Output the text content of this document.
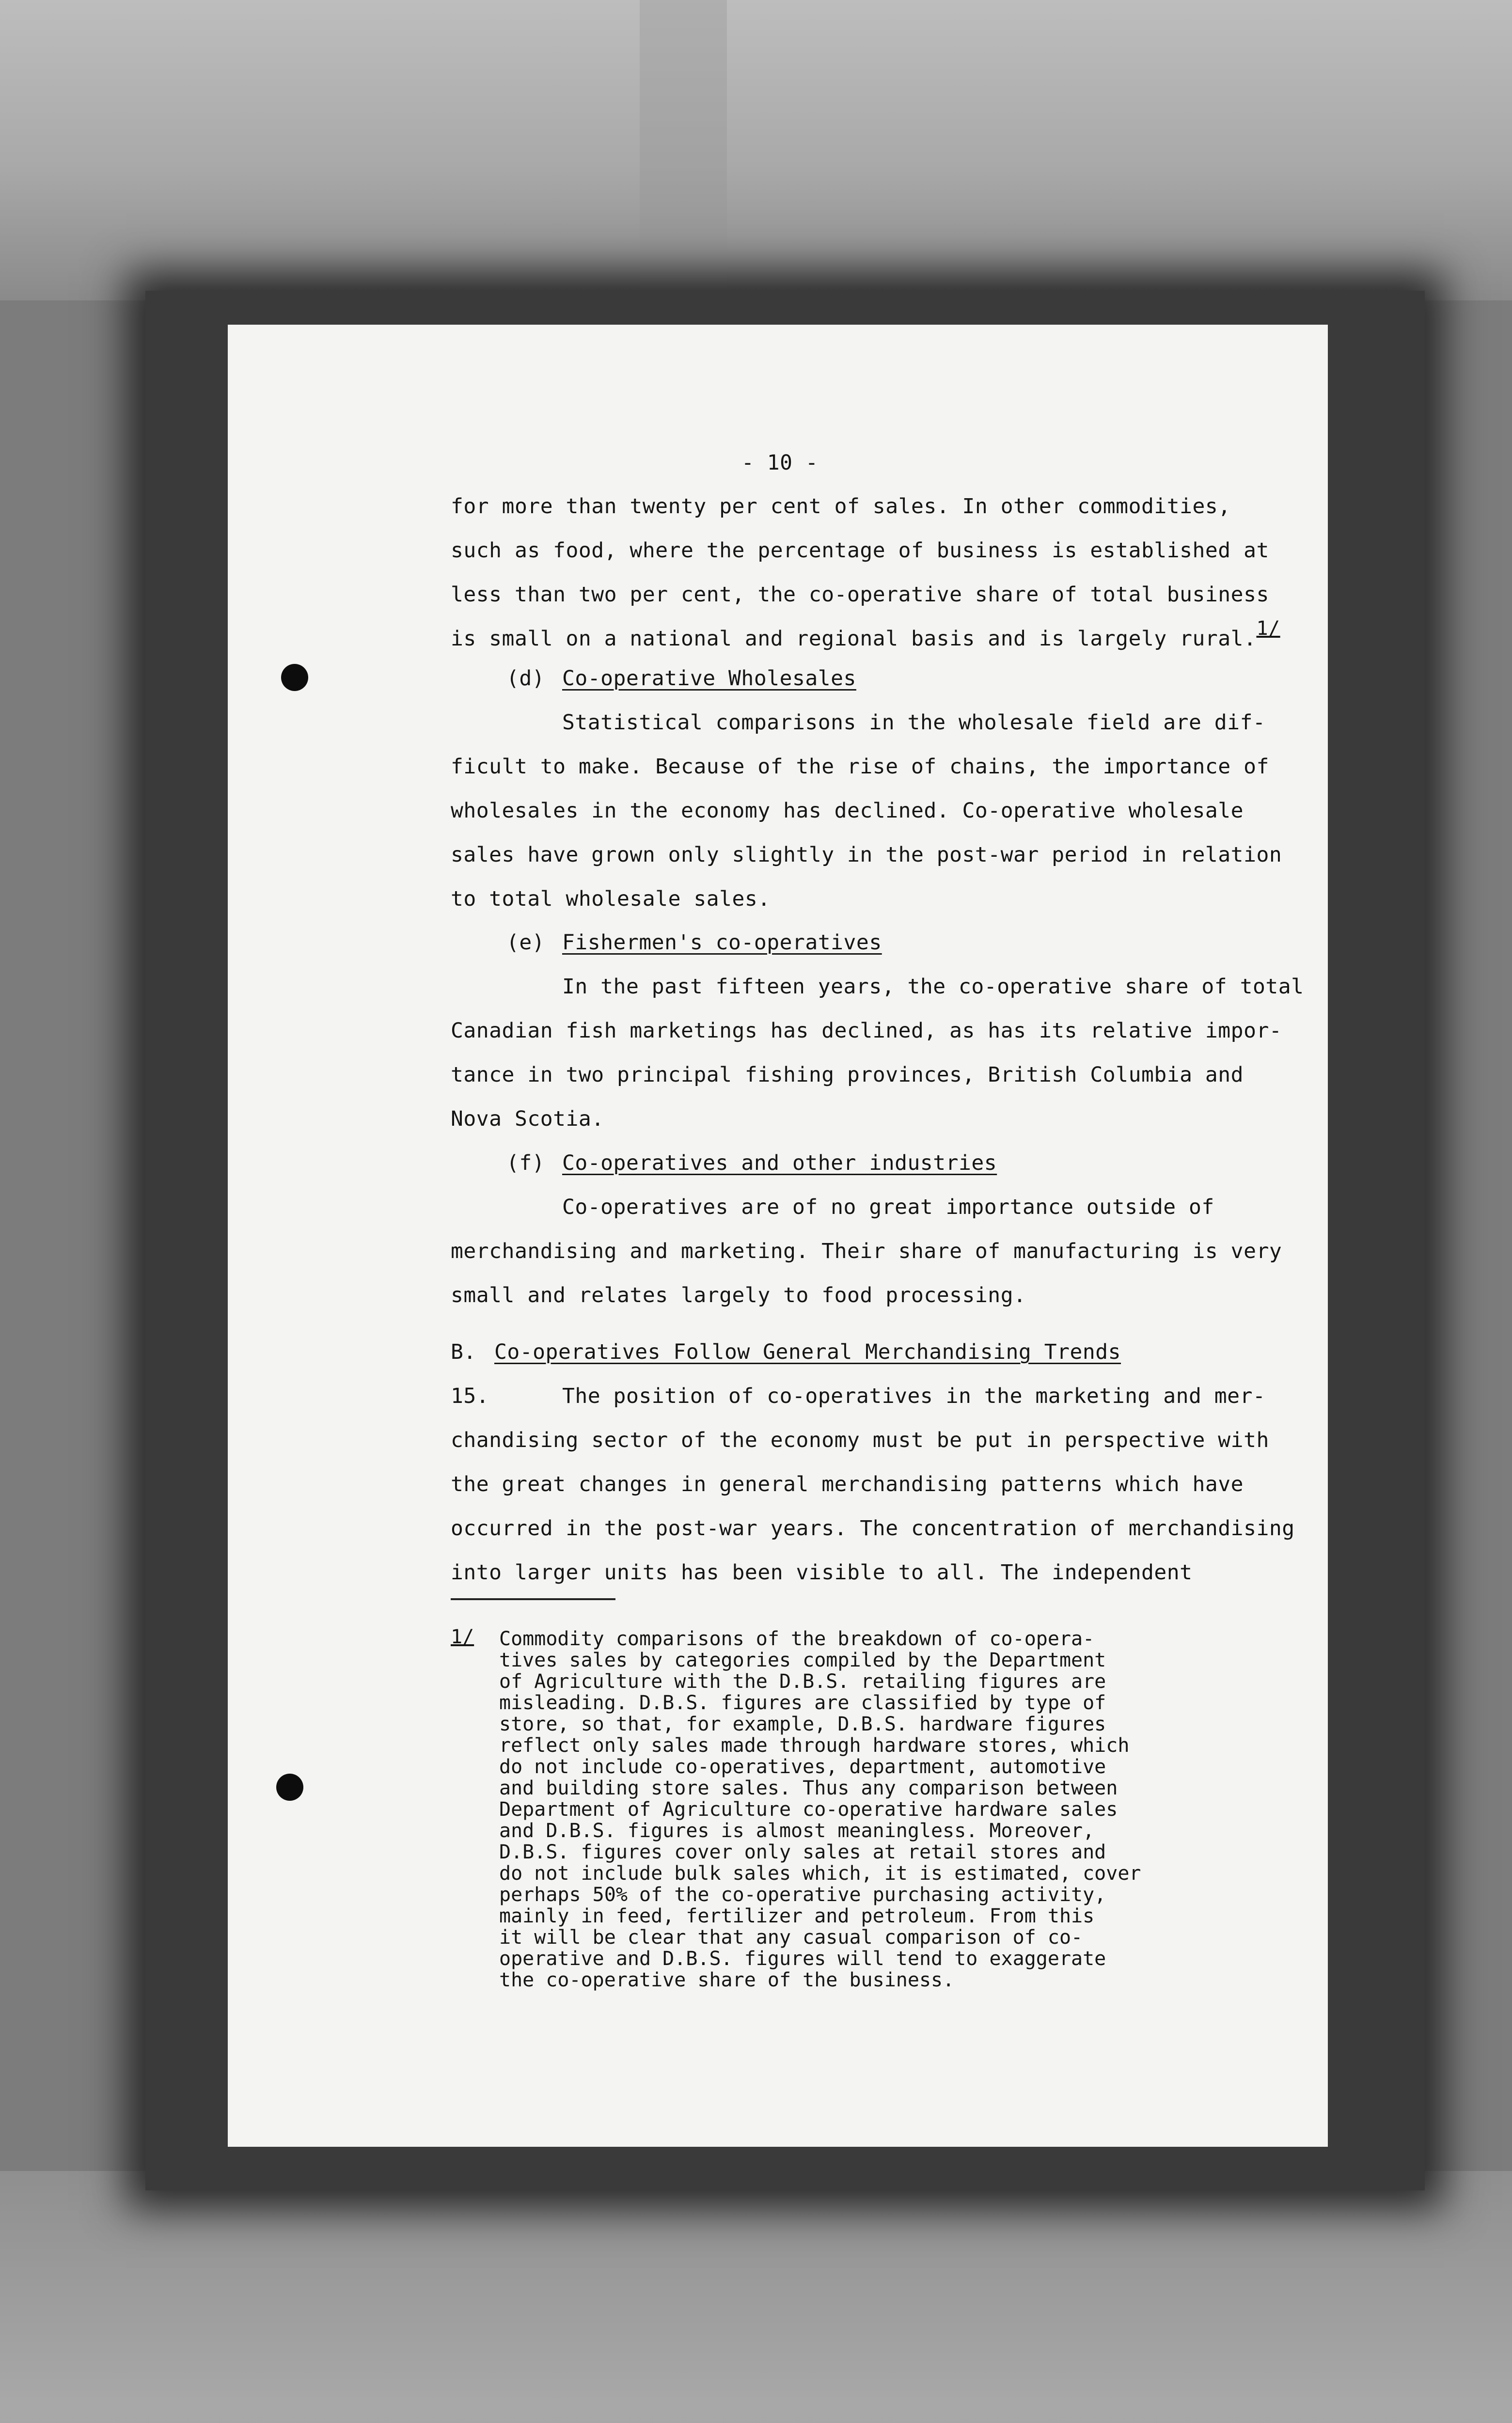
- 10 -
for more than twenty per cent of sales. In other commodities,
such as food, where the percentage of business is established at
less than two per cent, the co-operative share of total business
is small on a national and regional basis and is largely rural.1/
(d) Co-operative Wholesales
Statistical comparisons in the wholesale field are dif-
ficult to make. Because of the rise of chains, the importance of
wholesales in the economy has declined. Co-operative wholesale
sales have grown only slightly in the post-war period in relation
to total wholesale sales.
(e) Fishermen's co-operatives
In the past fifteen years, the co-operative share of total
Canadian fish marketings has declined, as has its relative impor-
tance in two principal fishing provinces, British Columbia and
Nova Scotia.
(f) Co-operatives and other industries
Co-operatives are of no great importance outside of
merchandising and marketing. Their share of manufacturing is very
small and relates largely to food processing.
B. Co-operatives Follow General Merchandising Trends
15.	The position of co-operatives in the marketing and mer-
chandising sector of the economy must be put in perspective with
the great changes in general merchandising patterns which have
occurred in the post-war years. The concentration of merchandising
into larger units has been visible to all. The independent
1/ Commodity comparisons of the breakdown of co-opera-
tives sales by categories compiled by the Department
of Agriculture with the D.B.S. retailing figures are
misleading. D.B.S. figures are classified by type of
store, so that, for example, D.B.S. hardware figures
reflect only sales made through hardware stores, which
do not include co-operatives, department, automotive
and building store sales. Thus any comparison between
Department of Agriculture co-operative hardware sales
and D.B.S. figures is almost meaningless. Moreover,
D.B.S. figures cover only sales at retail stores and
do not include bulk sales which, it is estimated, cover
perhaps 50% of the co-operative purchasing activity,
mainly in feed, fertilizer and petroleum. From this
it will be clear that any casual comparison of co-
operative and D.B.S. figures will tend to exaggerate
the co-operative share of the business.
